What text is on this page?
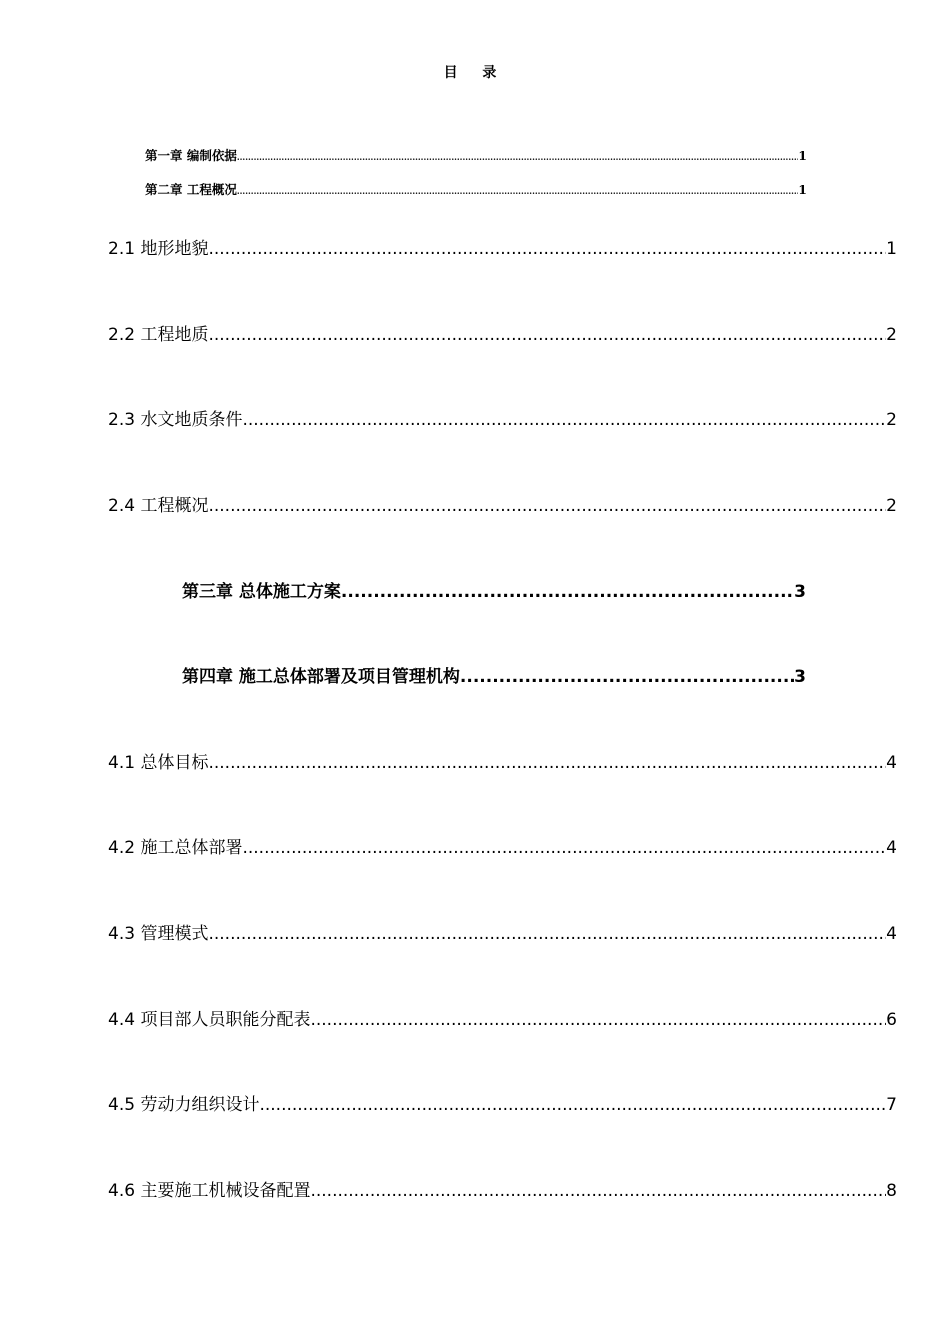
目 录
第一章 编制依据 .....	1
第二章 工程概况 .....	1
2.1 地形地貌 .....	1
2.2 工程地质 .....	2
2.3 水文地质条件 .....	2
2.4 工程概况 .....	2
第三章 总体施工方案 .....	3
第四章 施工总体部署及项目管理机构 .....	3
4.1 总体目标 .....	4
4.2 施工总体部署 .....	4
4.3 管理模式 .....	4
4.4 项目部人员职能分配表 .....	6
4.5 劳动力组织设计 .....	7
4.6 主要施工机械设备配置 .....	8
